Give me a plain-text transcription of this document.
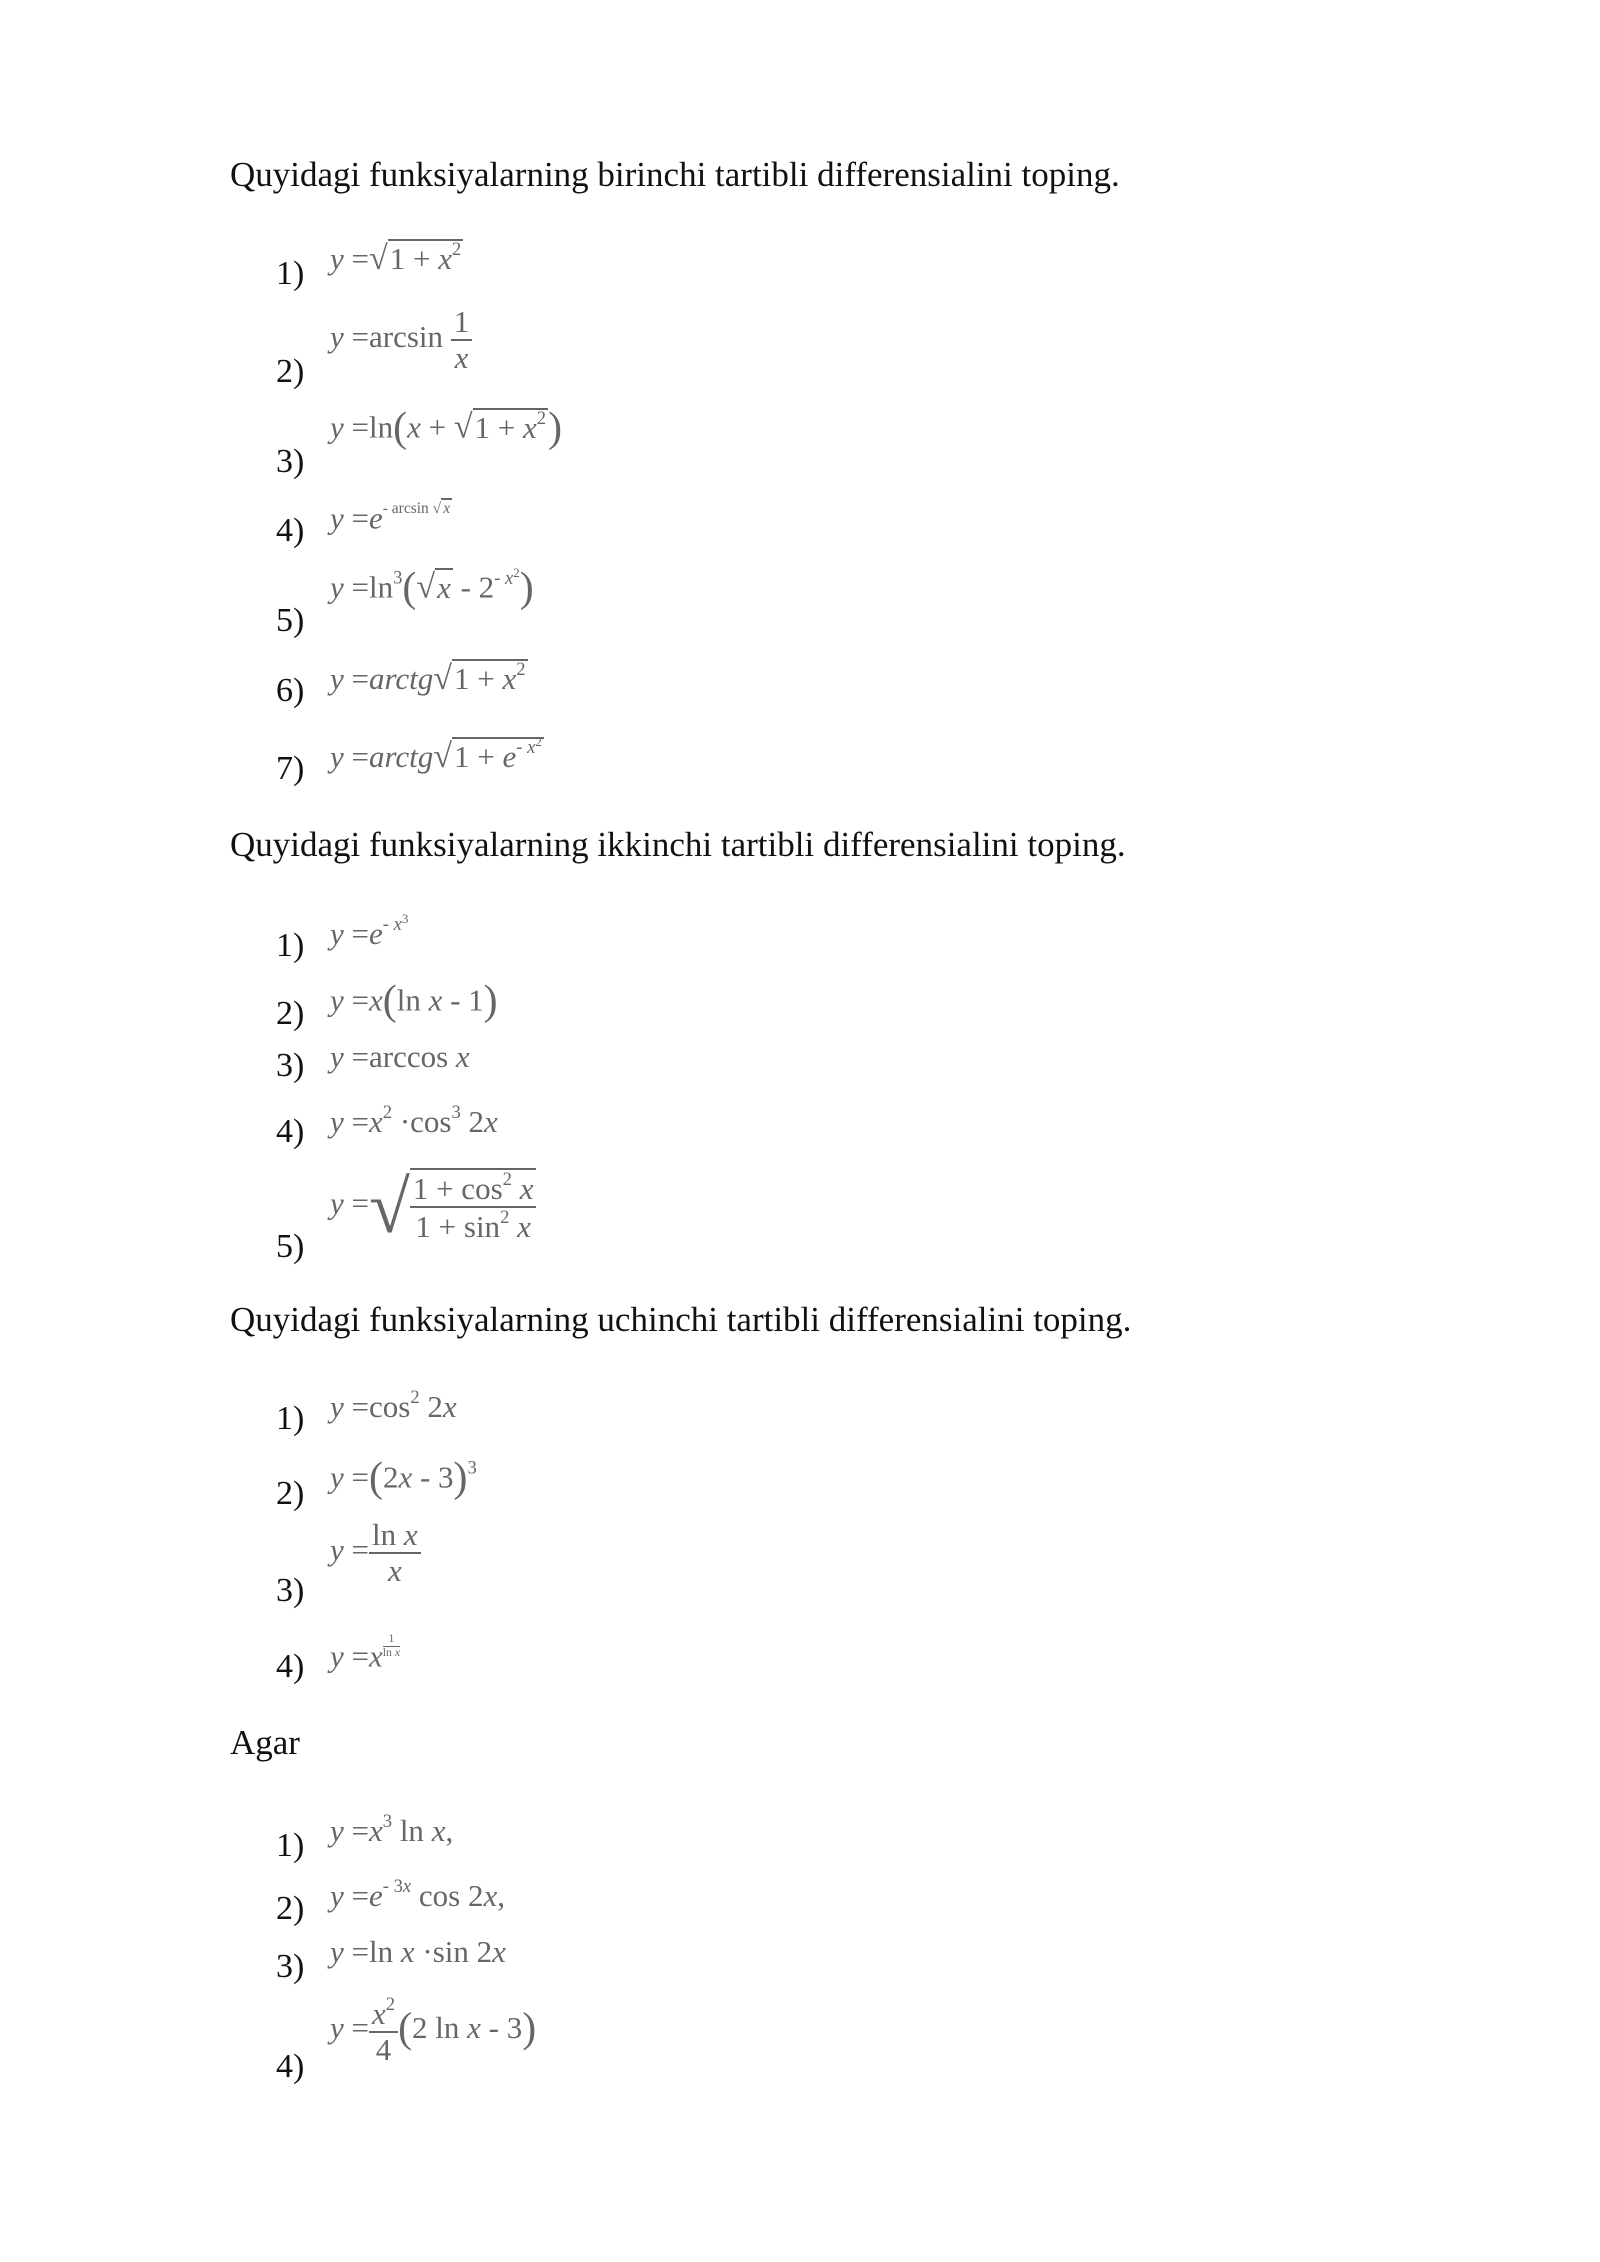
Quyidagi funksiyalarning birinchi tartibli differensialini toping.

1) $y =√1 + x^2$
2)
$y =\arcsin \frac{1}{x}$
3)
$y =\ln(x + √1 + x^2)$
4) $y =e^{- arcsin √ x}$
5)
$y =\ln^3(√x - 2^{- x^2})$
6) y =arctg√1 + $x^2$
7) y =arctg√1 + $e^{- x^2}$

Quyidagi funksiyalarning ikkinchi tartibli differensialini toping.

1) $y =e^{- x^3}$
2) y =x(ln x - 1)
3) y =arccos x
4) $y =x^2 \cdot\cos^3$ 2x
5)
y =√ $\frac{1 + \cos^2 x}{1 + \sin^2 x}$

Quyidagi funksiyalarning uchinchi tartibli differensialini toping.

1) $y =\cos^2$ 2x
2) y =(2x - 3)$^3$
3)
$y = \frac{\text{ln x}}{x}$
4) $y =x \frac{1}{\text{ln x}}$

Agar

1) $y =x^3$ ln x,
2) $y =e^{- 3x}$ cos 2x,
3) y =ln x ·sin 2x
4)
$y = \frac{x^2}{4} (2$ ln x - 3)
